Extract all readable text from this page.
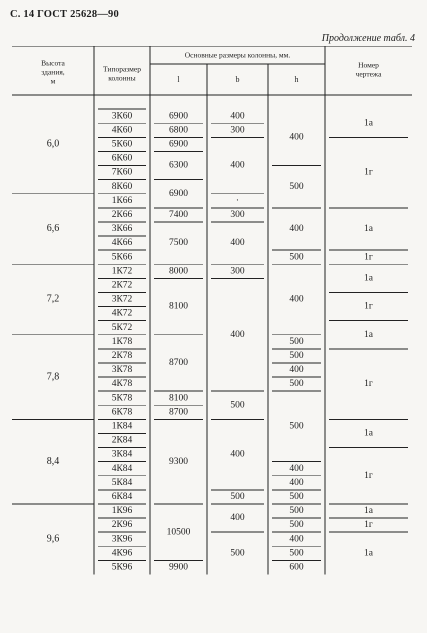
С. 14 ГОСТ 25628—90
Продолжение табл. 4
Высота
здания,
м
Типоразмер
колонны
Основные размеры колонны, мм.
l	b	h
Номер
чертежа
6,0
6,6
7,2
7,8
8,4
9,6
3К60
4К60
5К60
6К60
7К60
8К60
1К66
2К66
3К66
4К66
5К66
1К72
2К72
3К72
4К72
5К72
1К78
2К78
3К78
4К78
5К78
6К78
1К84
2К84
3К84
4К84
5К84
6К84
1К96
2К96
3К96
4К96
5К96
6900
6800
6900
6300
6900
7400
7500
8000
8100
8700
8100
8700
9300
10500
9900
400
300
400
·
300
400
300
400
500
400
500
400
500
400
500
400
500
400
500
500
400
500
500
400
400
500
500
500
400
500
600
1а
1г
1а
1г
1а
1г
1а
1г
1а
1г
1а
1г
1а
